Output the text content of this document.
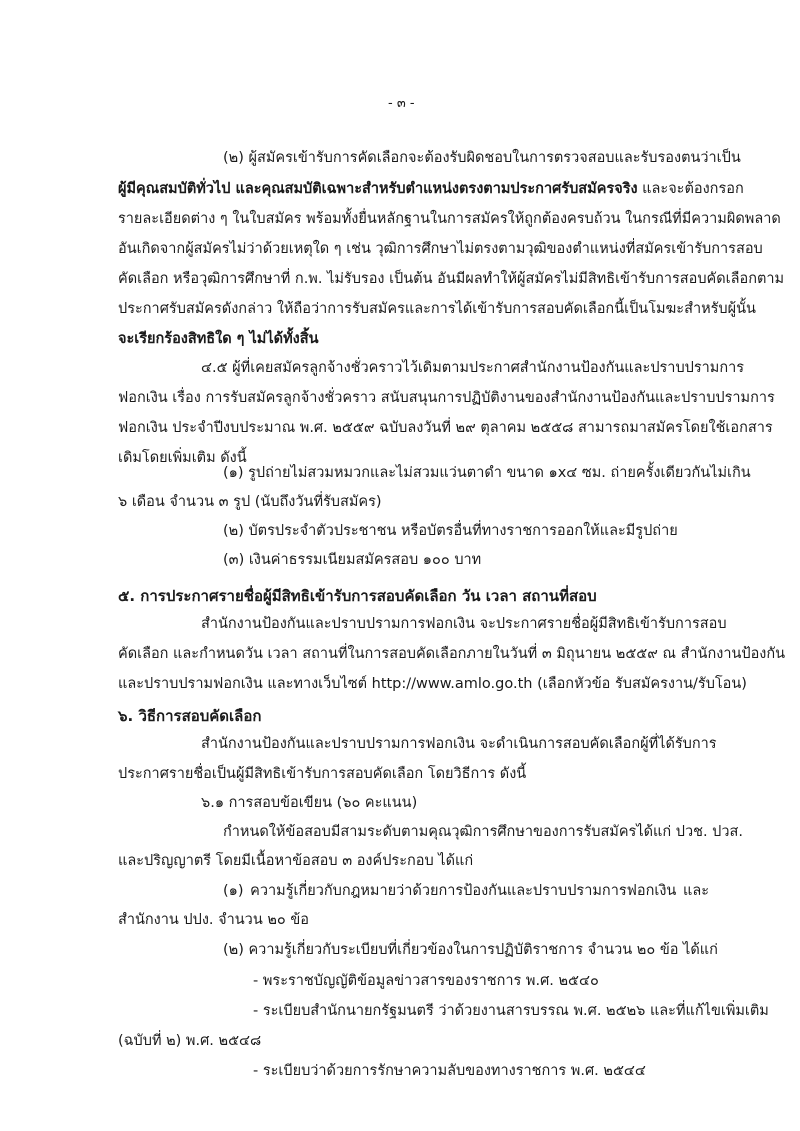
- ๓ -
(๒) ผู้สมัครเข้ารับการคัดเลือกจะต้องรับผิดชอบในการตรวจสอบและรับรองตนว่าเป็น
ผู้มีคุณสมบัติทั่วไป และคุณสมบัติเฉพาะสำหรับตำแหน่งตรงตามประกาศรับสมัครจริง และจะต้องกรอก
รายละเอียดต่าง ๆ ในใบสมัคร พร้อมทั้งยื่นหลักฐานในการสมัครให้ถูกต้องครบถ้วน ในกรณีที่มีความผิดพลาด
อันเกิดจากผู้สมัครไม่ว่าด้วยเหตุใด ๆ เช่น วุฒิการศึกษาไม่ตรงตามวุฒิของตำแหน่งที่สมัครเข้ารับการสอบ
คัดเลือก หรือวุฒิการศึกษาที่ ก.พ. ไม่รับรอง เป็นต้น อันมีผลทำให้ผู้สมัครไม่มีสิทธิเข้ารับการสอบคัดเลือกตาม
ประกาศรับสมัครดังกล่าว ให้ถือว่าการรับสมัครและการได้เข้ารับการสอบคัดเลือกนี้เป็นโมฆะสำหรับผู้นั้น
จะเรียกร้องสิทธิใด ๆ ไม่ได้ทั้งสิ้น
๔.๕ ผู้ที่เคยสมัครลูกจ้างชั่วคราวไว้เดิมตามประกาศสำนักงานป้องกันและปราบปรามการ
ฟอกเงิน เรื่อง การรับสมัครลูกจ้างชั่วคราว สนับสนุนการปฏิบัติงานของสำนักงานป้องกันและปราบปรามการ
ฟอกเงิน ประจำปีงบประมาณ พ.ศ. ๒๕๕๙ ฉบับลงวันที่ ๒๙ ตุลาคม ๒๕๕๘ สามารถมาสมัครโดยใช้เอกสาร
เดิมโดยเพิ่มเติม ดังนี้
(๑) รูปถ่ายไม่สวมหมวกและไม่สวมแว่นตาดำ ขนาด ๑x๔ ซม. ถ่ายครั้งเดียวกันไม่เกิน
๖ เดือน จำนวน ๓ รูป (นับถึงวันที่รับสมัคร)
(๒) บัตรประจำตัวประชาชน หรือบัตรอื่นที่ทางราชการออกให้และมีรูปถ่าย
(๓) เงินค่าธรรมเนียมสมัครสอบ ๑๐๐ บาท
๕. การประกาศรายชื่อผู้มีสิทธิเข้ารับการสอบคัดเลือก วัน เวลา สถานที่สอบ
สำนักงานป้องกันและปราบปรามการฟอกเงิน จะประกาศรายชื่อผู้มีสิทธิเข้ารับการสอบ
คัดเลือก และกำหนดวัน เวลา สถานที่ในการสอบคัดเลือกภายในวันที่ ๓ มิถุนายน ๒๕๕๙ ณ สำนักงานป้องกัน
และปราบปรามฟอกเงิน และทางเว็บไซต์ http://www.amlo.go.th (เลือกหัวข้อ รับสมัครงาน/รับโอน)
๖. วิธีการสอบคัดเลือก
สำนักงานป้องกันและปราบปรามการฟอกเงิน จะดำเนินการสอบคัดเลือกผู้ที่ได้รับการ
ประกาศรายชื่อเป็นผู้มีสิทธิเข้ารับการสอบคัดเลือก โดยวิธีการ ดังนี้
๖.๑ การสอบข้อเขียน (๖๐ คะแนน)
กำหนดให้ข้อสอบมีสามระดับตามคุณวุฒิการศึกษาของการรับสมัครได้แก่ ปวช. ปวส.
และปริญญาตรี โดยมีเนื้อหาข้อสอบ ๓ องค์ประกอบ ได้แก่
(๑) ความรู้เกี่ยวกับกฎหมายว่าด้วยการป้องกันและปราบปรามการฟอกเงิน และ
สำนักงาน ปปง. จำนวน ๒๐ ข้อ
(๒) ความรู้เกี่ยวกับระเบียบที่เกี่ยวข้องในการปฏิบัติราชการ จำนวน ๒๐ ข้อ ได้แก่
- พระราชบัญญัติข้อมูลข่าวสารของราชการ พ.ศ. ๒๕๔๐
- ระเบียบสำนักนายกรัฐมนตรี ว่าด้วยงานสารบรรณ พ.ศ. ๒๕๒๖ และที่แก้ไขเพิ่มเติม
(ฉบับที่ ๒) พ.ศ. ๒๕๔๘
- ระเบียบว่าด้วยการรักษาความลับของทางราชการ พ.ศ. ๒๕๔๔
